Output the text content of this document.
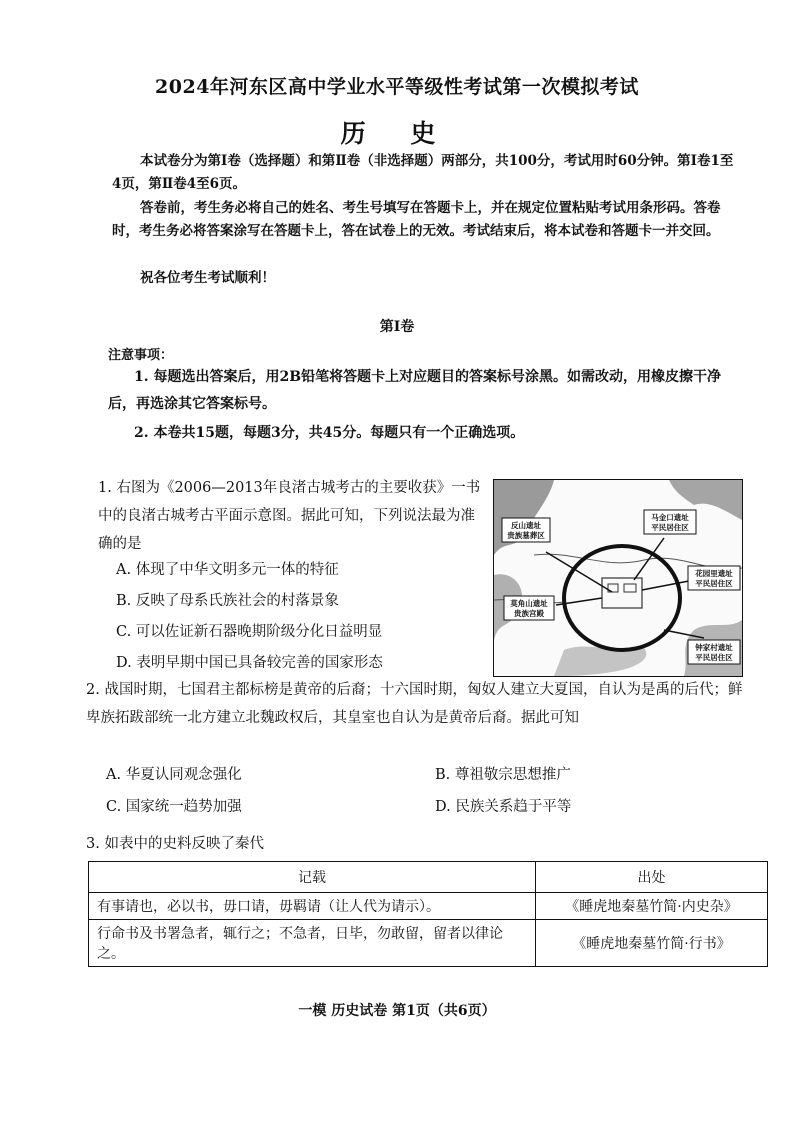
2024年河东区高中学业水平等级性考试第一次模拟考试
历 史
本试卷分为第Ⅰ卷（选择题）和第Ⅱ卷（非选择题）两部分，共100分，考试用时60分钟。第Ⅰ卷1至4页，第Ⅱ卷4至6页。
答卷前，考生务必将自己的姓名、考生号填写在答题卡上，并在规定位置粘贴考试用条形码。答卷时，考生务必将答案涂写在答题卡上，答在试卷上的无效。考试结束后，将本试卷和答题卡一并交回。
祝各位考生考试顺利！
第Ⅰ卷
注意事项：
1. 每题选出答案后，用2B铅笔将答题卡上对应题目的答案标号涂黑。如需改动，用橡皮擦干净后，再选涂其它答案标号。
2. 本卷共15题，每题3分，共45分。每题只有一个正确选项。
1. 右图为《2006—2013年良渚古城考古的主要收获》一书中的良渚古城考古平面示意图。据此可知，下列说法最为准确的是
A. 体现了中华文明多元一体的特征
B. 反映了母系氏族社会的村落景象
C. 可以佐证新石器晚期阶级分化日益明显
D. 表明早期中国已具备较完善的国家形态
反山遗址
贵族墓葬区
马金口遗址
平民居住区
花园里遗址
平民居住区
莫角山遗址
贵族宫殿
钟家村遗址
平民居住区
2. 战国时期，七国君主都标榜是黄帝的后裔；十六国时期，匈奴人建立大夏国，自认为是禹的后代；鲜卑族拓跋部统一北方建立北魏政权后，其皇室也自认为是黄帝后裔。据此可知
A. 华夏认同观念强化	B. 尊祖敬宗思想推广
C. 国家统一趋势加强	D. 民族关系趋于平等
3. 如表中的史料反映了秦代
记载	出处
有事请也，必以书，毋口请，毋羁请（让人代为请示）。	《睡虎地秦墓竹简·内史杂》
行命书及书署急者，辄行之；不急者，日毕，勿敢留，留者以律论之。	《睡虎地秦墓竹简·行书》
一模 历史试卷 第1页（共6页）
